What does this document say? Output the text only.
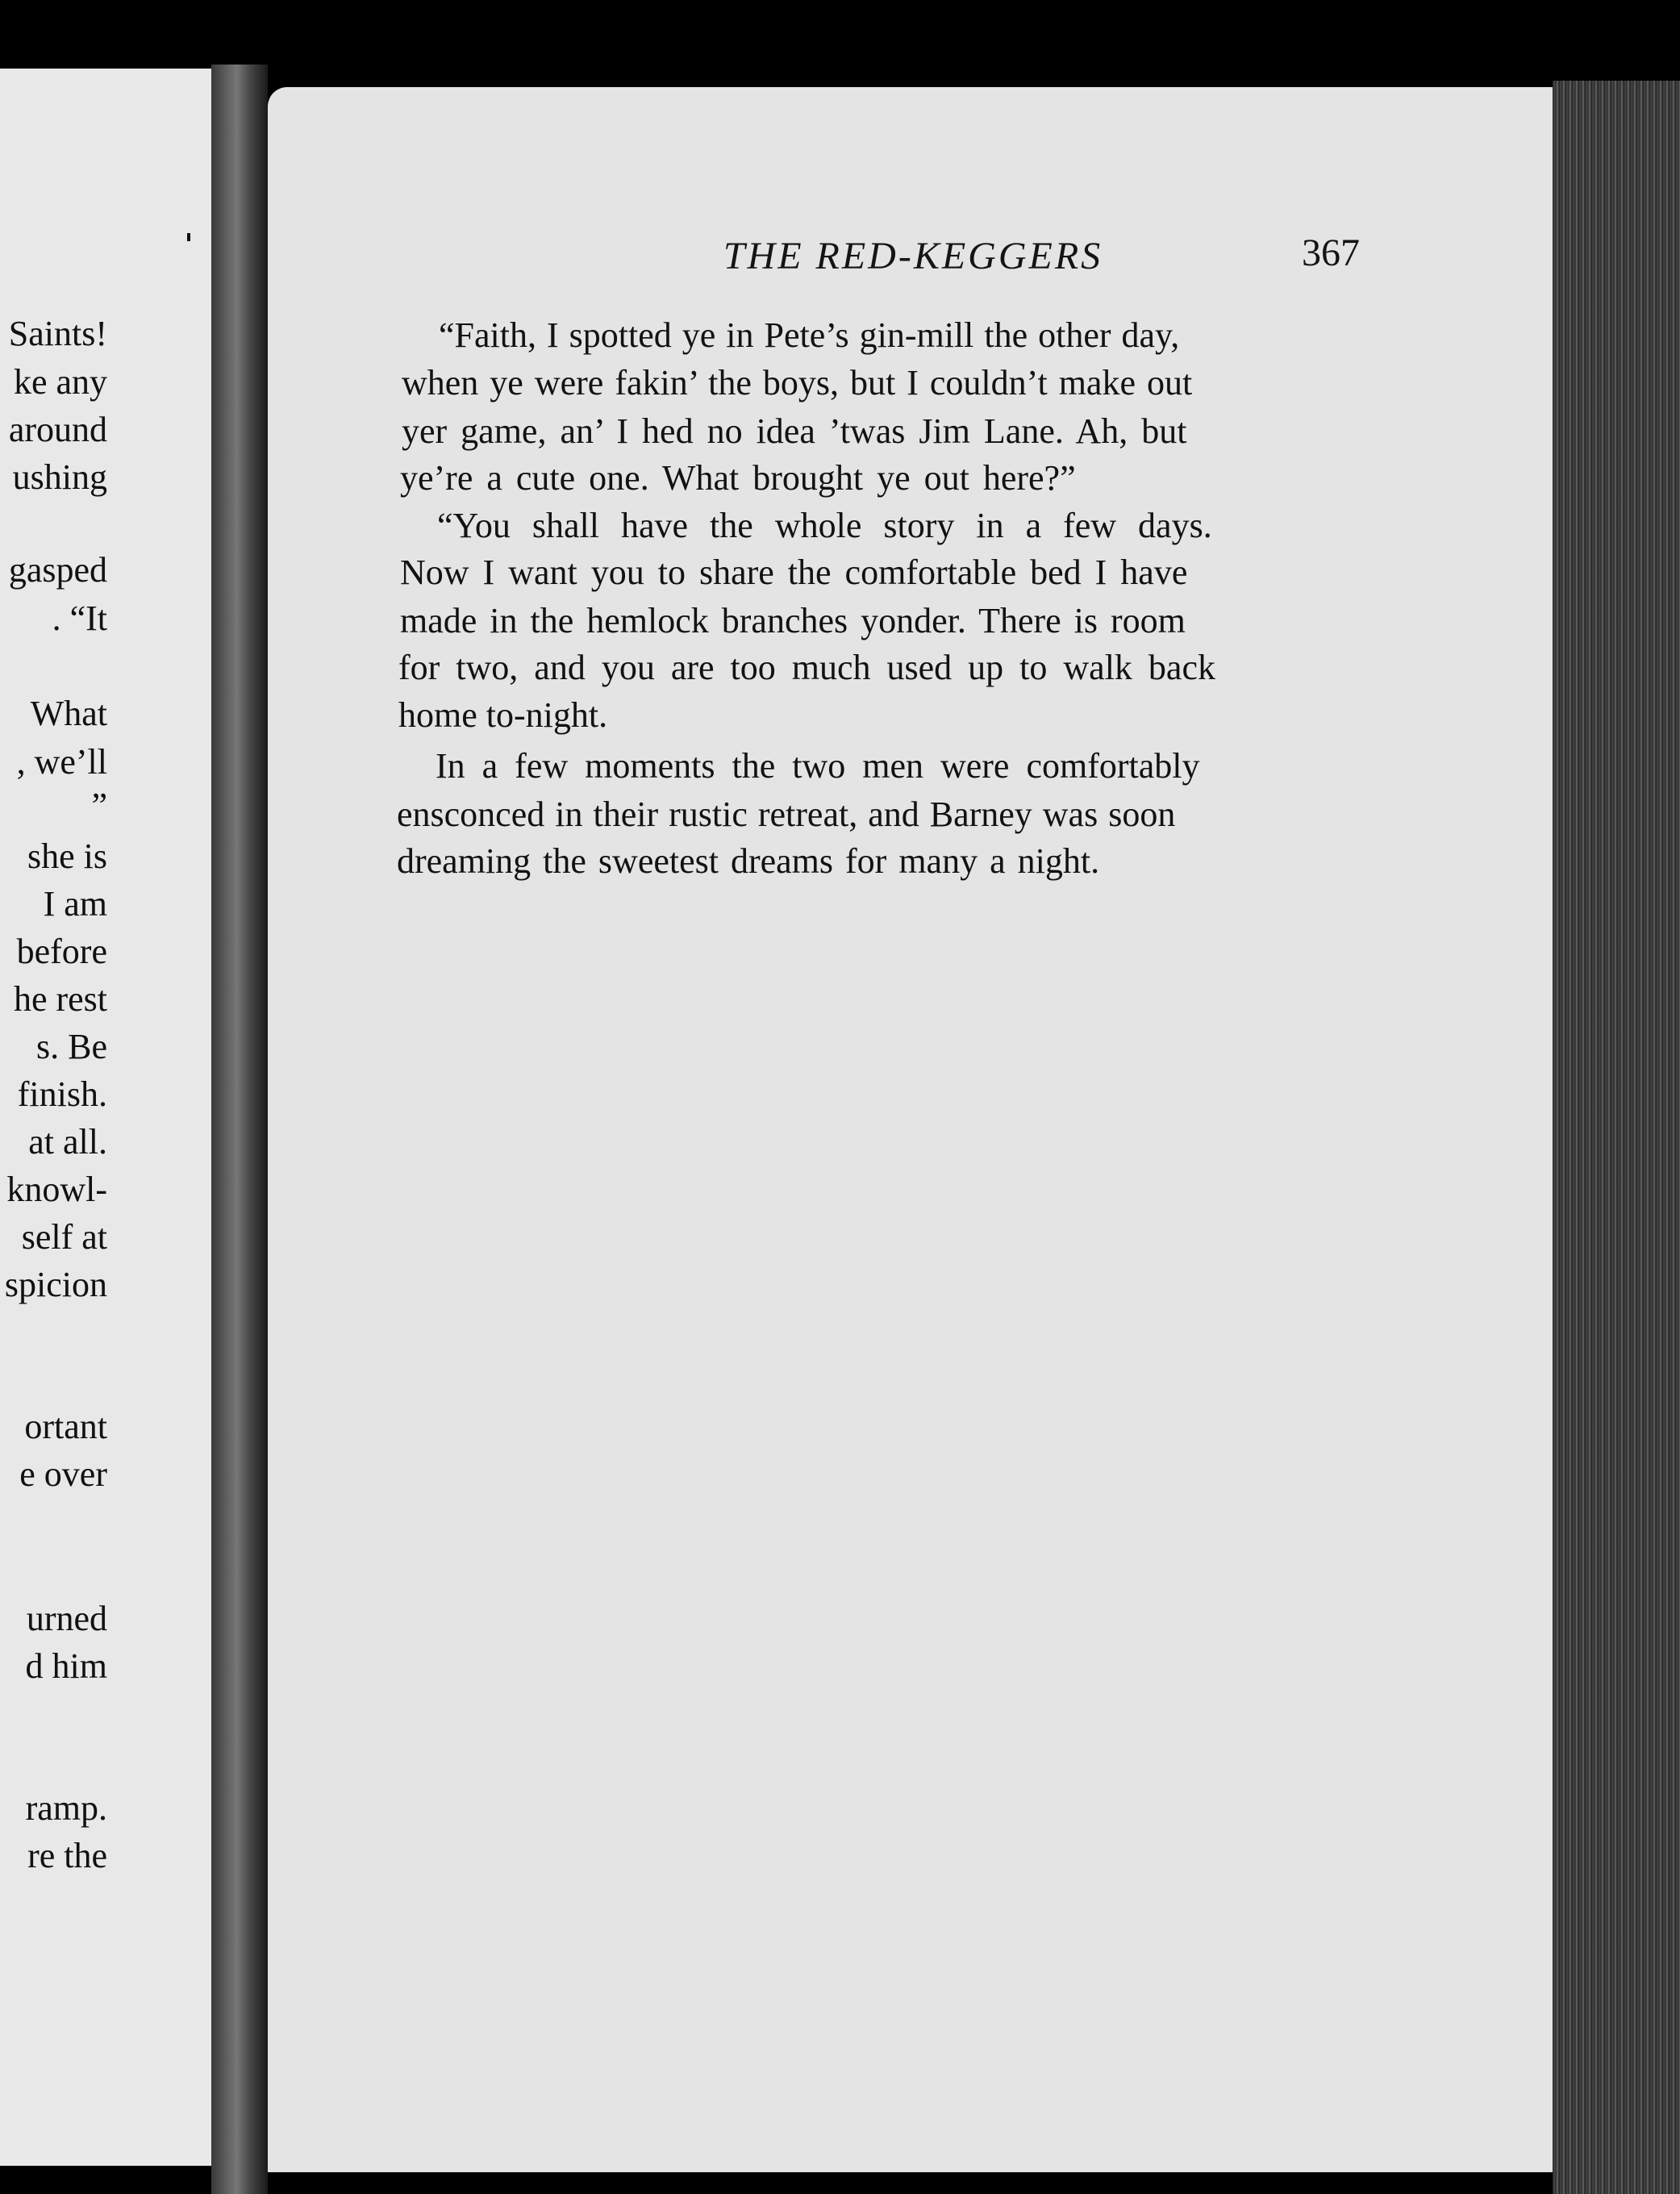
Saints!
ke any
around
ushing
gasped
. “It
What
, we’ll
”
she is
I am
before
he rest
s. Be
finish.
at all.
knowl-
self at
spicion
ortant
e over
urned
d him
ramp.
re the
THE RED-KEGGERS	367
“Faith, I spotted ye in Pete’s gin-mill the other day,
when ye were fakin’ the boys, but I couldn’t make out
yer game, an’ I hed no idea ’twas Jim Lane. Ah, but
ye’re a cute one. What brought ye out here?”
“You shall have the whole story in a few days.
Now I want you to share the comfortable bed I have
made in the hemlock branches yonder. There is room
for two, and you are too much used up to walk back
home to-night.
In a few moments the two men were comfortably
ensconced in their rustic retreat, and Barney was soon
dreaming the sweetest dreams for many a night.
